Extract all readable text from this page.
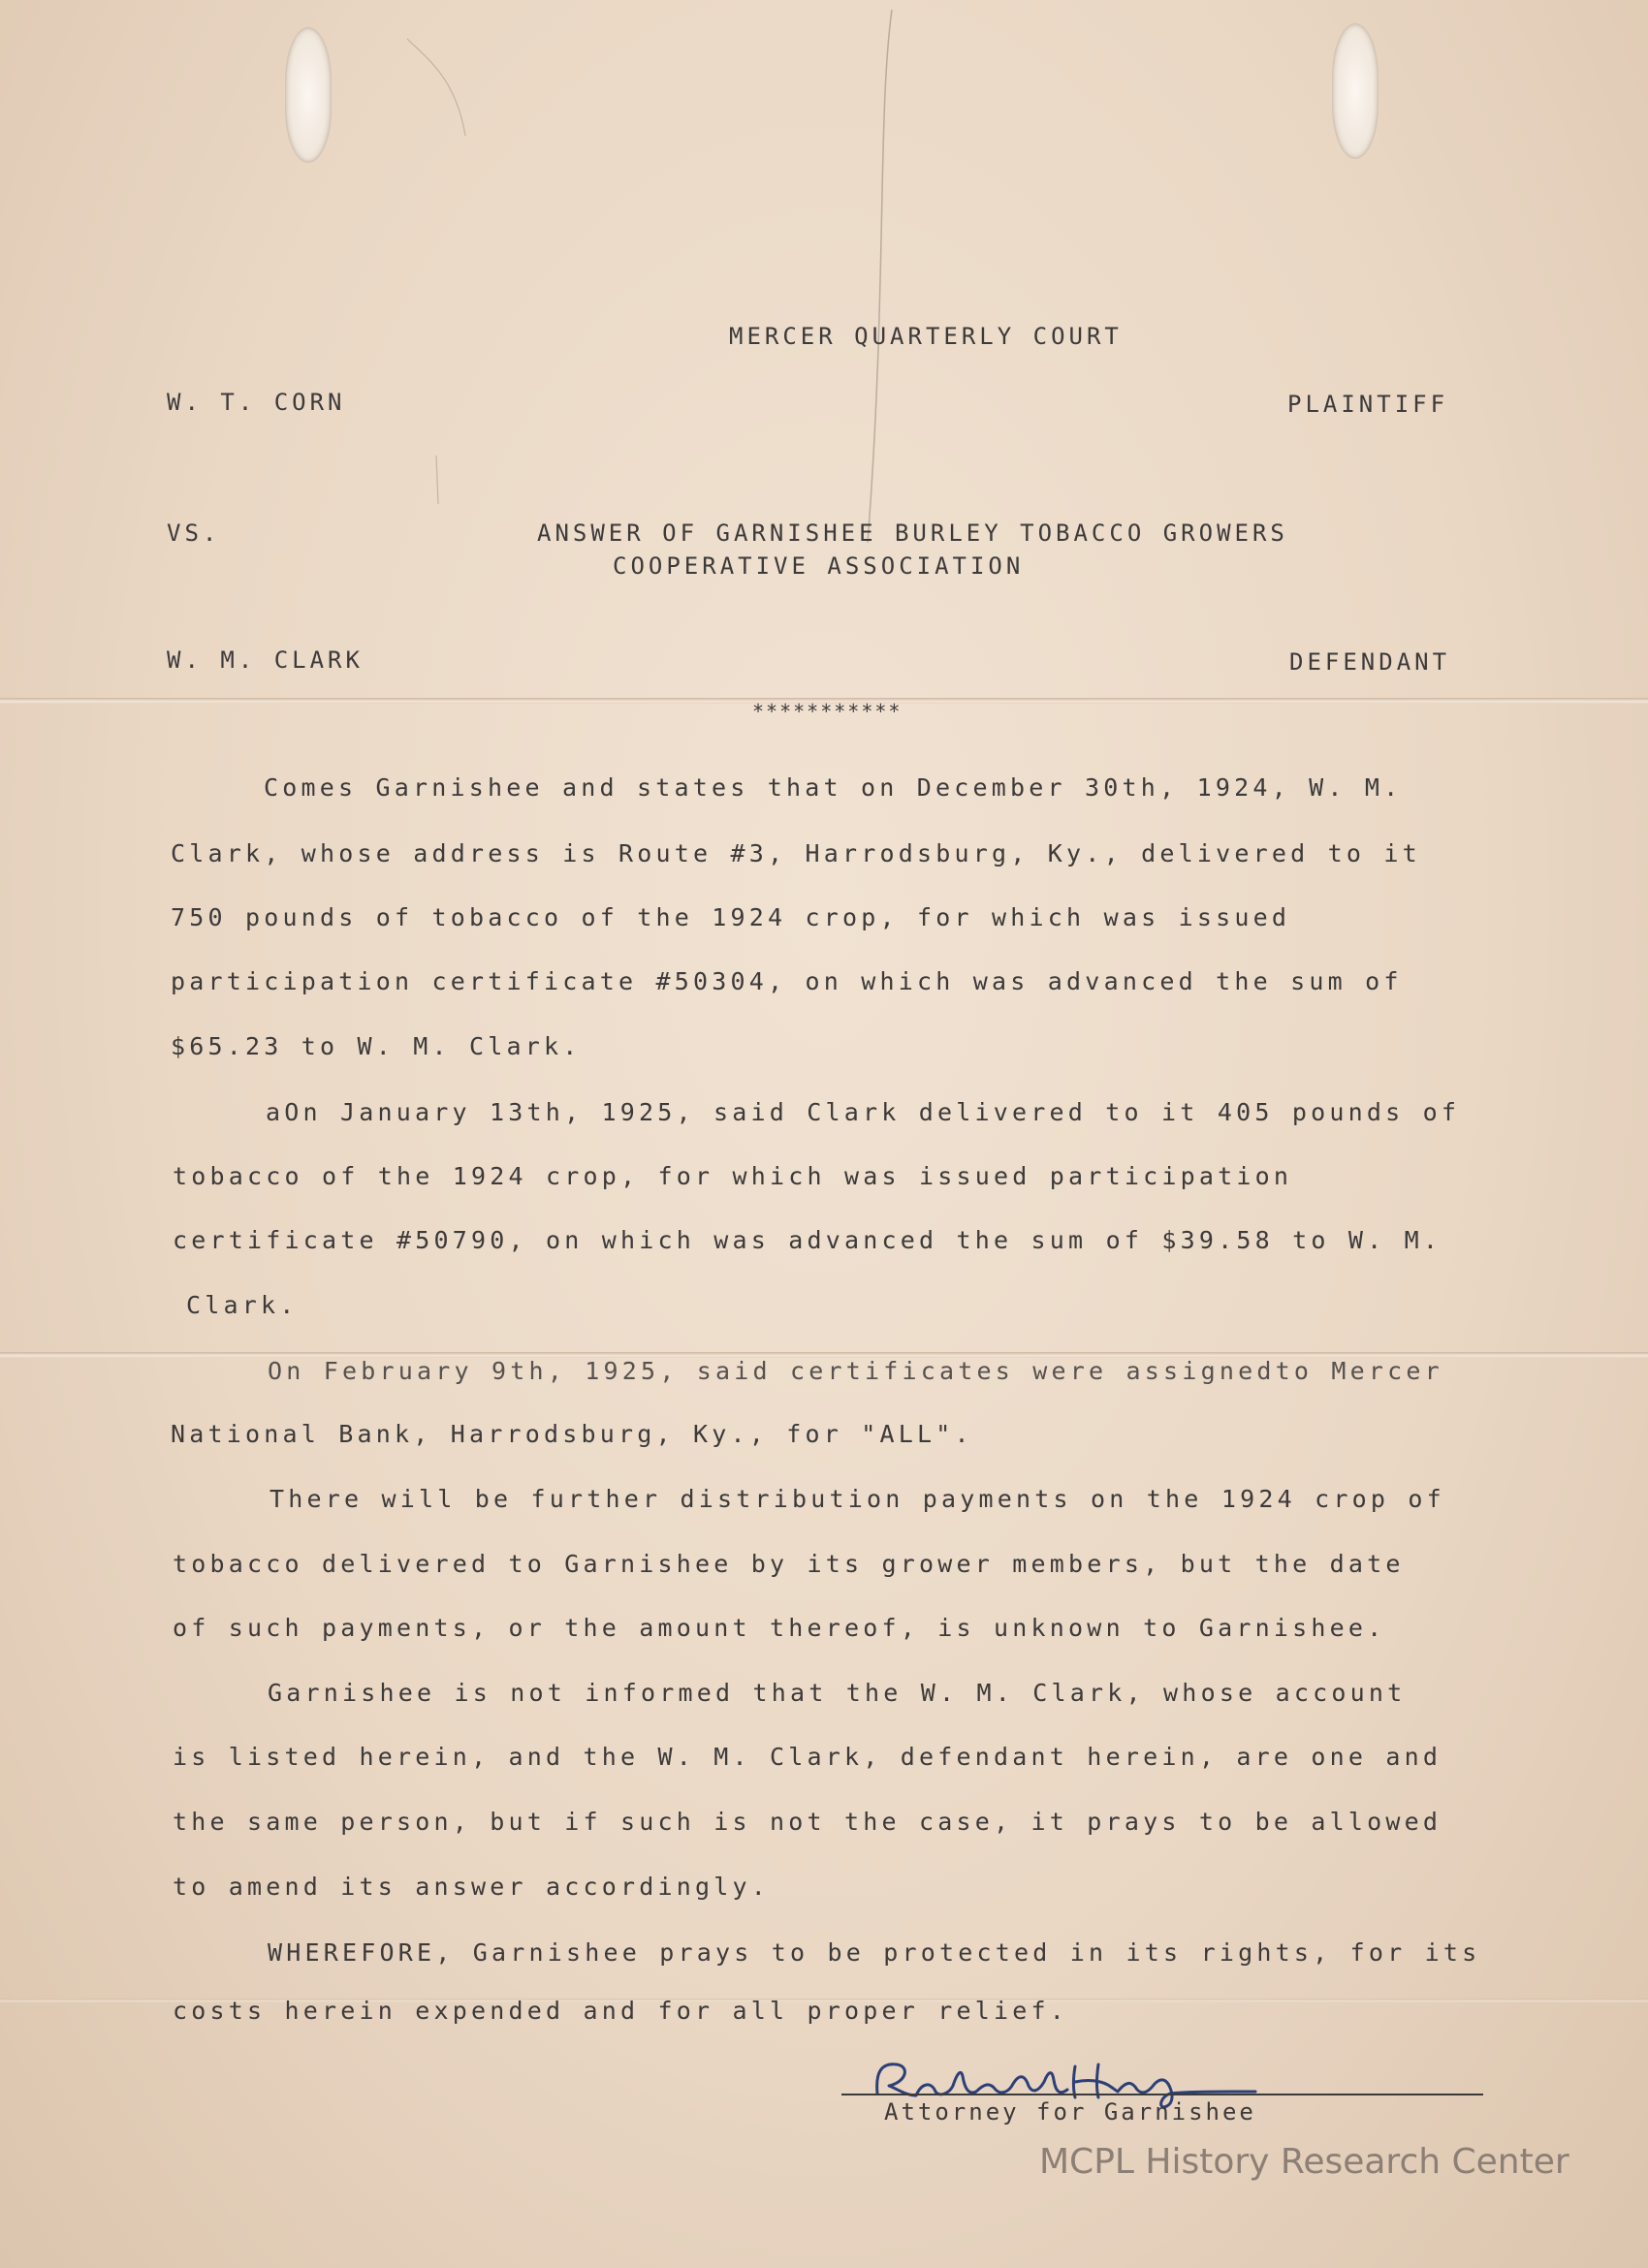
MERCER QUARTERLY COURT
W. T. CORN	PLAINTIFF
VS.	ANSWER OF GARNISHEE BURLEY TOBACCO GROWERS
COOPERATIVE ASSOCIATION
W. M. CLARK	DEFENDANT
***********
Comes Garnishee and states that on December 30th, 1924, W. M.
Clark, whose address is Route #3, Harrodsburg, Ky., delivered to it
750 pounds of tobacco of the 1924 crop, for which was issued
participation certificate #50304, on which was advanced the sum of
$65.23 to W. M. Clark.
aOn January 13th, 1925, said Clark delivered to it 405 pounds of
tobacco of the 1924 crop, for which was issued participation
certificate #50790, on which was advanced the sum of $39.58 to W. M.
Clark.
On February 9th, 1925, said certificates were assignedto Mercer
National Bank, Harrodsburg, Ky., for "ALL".
There will be further distribution payments on the 1924 crop of
tobacco delivered to Garnishee by its grower members, but the date
of such payments, or the amount thereof, is unknown to Garnishee.
Garnishee is not informed that the W. M. Clark, whose account
is listed herein, and the W. M. Clark, defendant herein, are one and
the same person, but if such is not the case, it prays to be allowed
to amend its answer accordingly.
WHEREFORE, Garnishee prays to be protected in its rights, for its
costs herein expended and for all proper relief.
Attorney for Garnishee
MCPL History Research Center
